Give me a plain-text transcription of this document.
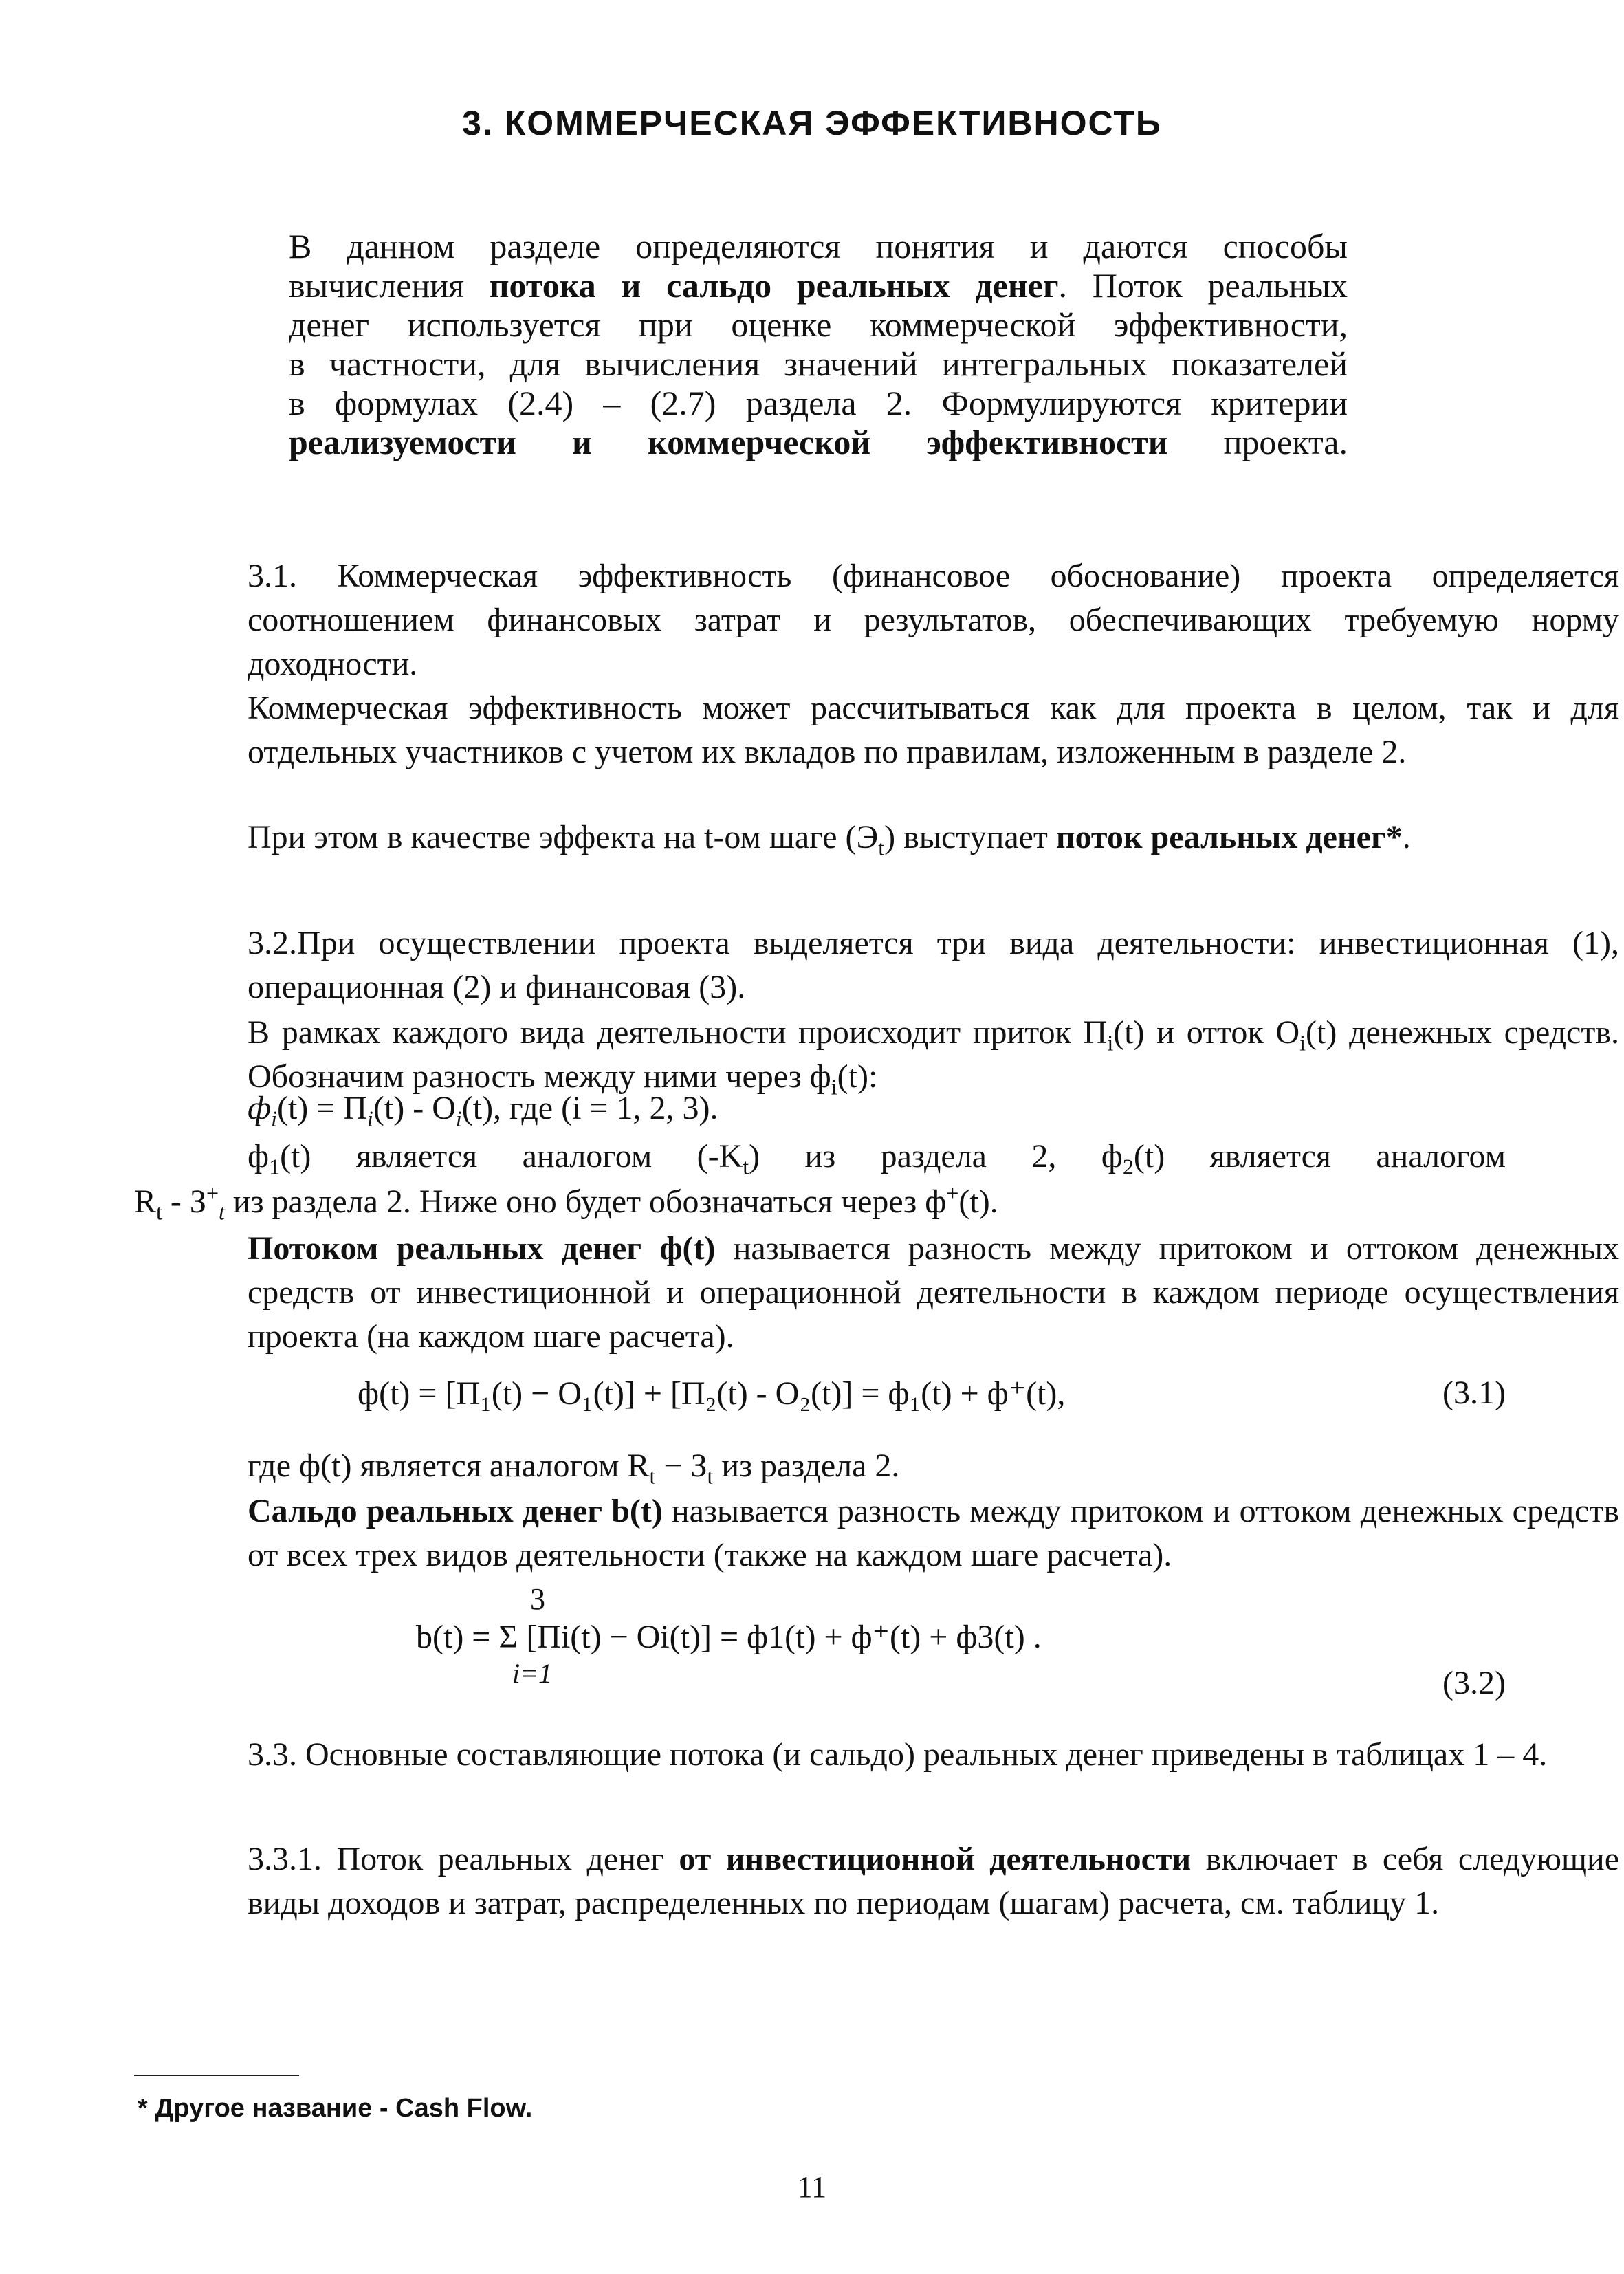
3. КОММЕРЧЕСКАЯ ЭФФЕКТИВНОСТЬ
В данном разделе определяются понятия и даются способы
вычисления потока и сальдо реальных денег. Поток реальных
денег используется при оценке коммерческой эффективности,
в частности, для вычисления значений интегральных показателей
в формулах (2.4) – (2.7) раздела 2. Формулируются критерии
реализуемости и коммерческой эффективности проекта.
3.1. Коммерческая эффективность (финансовое обоснование) проекта определяется соотношением финансовых затрат и результатов, обеспечивающих требуемую норму доходности.
Коммерческая эффективность может рассчитываться как для проекта в целом, так и для отдельных участников с учетом их вкладов по правилам, изложенным в разделе 2.
При этом в качестве эффекта на t-ом шаге $(Э_t)$ выступает поток реальных денег*.
3.2.При осуществлении проекта выделяется три вида деятельности: инвестиционная (1), операционная (2) и финансовая (3).
В рамках каждого вида деятельности происходит приток $П_i(t)$ и отток $O_i(t)$ денежных средств. Обозначим разность между ними через $ф_i(t)$:
$ф_i(t) = П_i(t) - O_i(t)$, где (i = 1, 2, 3).
$ф_1(t)$ является аналогом $(-K_t)$ из раздела 2, $ф_2(t)$ является аналогом
$R_t - З^+_t$ из раздела 2. Ниже оно будет обозначаться через ф+(t).
Потоком реальных денег ф(t) называется разность между притоком и оттоком денежных средств от инвестиционной и операционной деятельности в каждом периоде осуществления проекта (на каждом шаге расчета).
ф(t) = [П₁(t) − O₁(t)] + [П₂(t) - O₂(t)] = ф₁(t) + ф⁺(t),	(3.1)
где ф(t) является аналогом $R_t - З_t$ из раздела 2.
Сальдо реальных денег b(t) называется разность между притоком и оттоком денежных средств от всех трех видов деятельности (также на каждом шаге расчета).
3
b(t) = Σ [Пi(t) − Oi(t)] = ф1(t) + ф⁺(t) + ф3(t) .
i=1	(3.2)
3.3. Основные составляющие потока (и сальдо) реальных денег приведены в таблицах 1 – 4.
3.3.1. Поток реальных денег от инвестиционной деятельности включает в себя следующие виды доходов и затрат, распределенных по периодам (шагам) расчета, см. таблицу 1.
* Другое название - Cash Flow.
11
